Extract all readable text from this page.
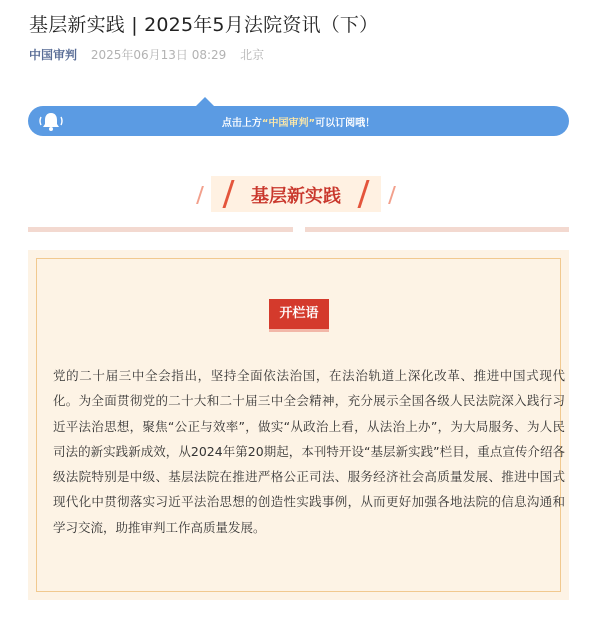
基层新实践 | 2025年5月法院资讯（下）
中国审判 2025年06月13日 08:29 北京
点击上方“中国审判”可以订阅哦！
基层新实践
开栏语
党的二十届三中全会指出，坚持全面依法治国，在法治轨道上深化改革、推进中国式现代化。为全面贯彻党的二十大和二十届三中全会精神，充分展示全国各级人民法院深入践行习近平法治思想，聚焦“公正与效率”，做实“从政治上看，从法治上办”，为大局服务、为人民司法的新实践新成效，从2024年第20期起，本刊特开设“基层新实践”栏目，重点宣传介绍各级法院特别是中级、基层法院在推进严格公正司法、服务经济社会高质量发展、推进中国式现代化中贯彻落实习近平法治思想的创造性实践事例，从而更好加强各地法院的信息沟通和学习交流，助推审判工作高质量发展。
